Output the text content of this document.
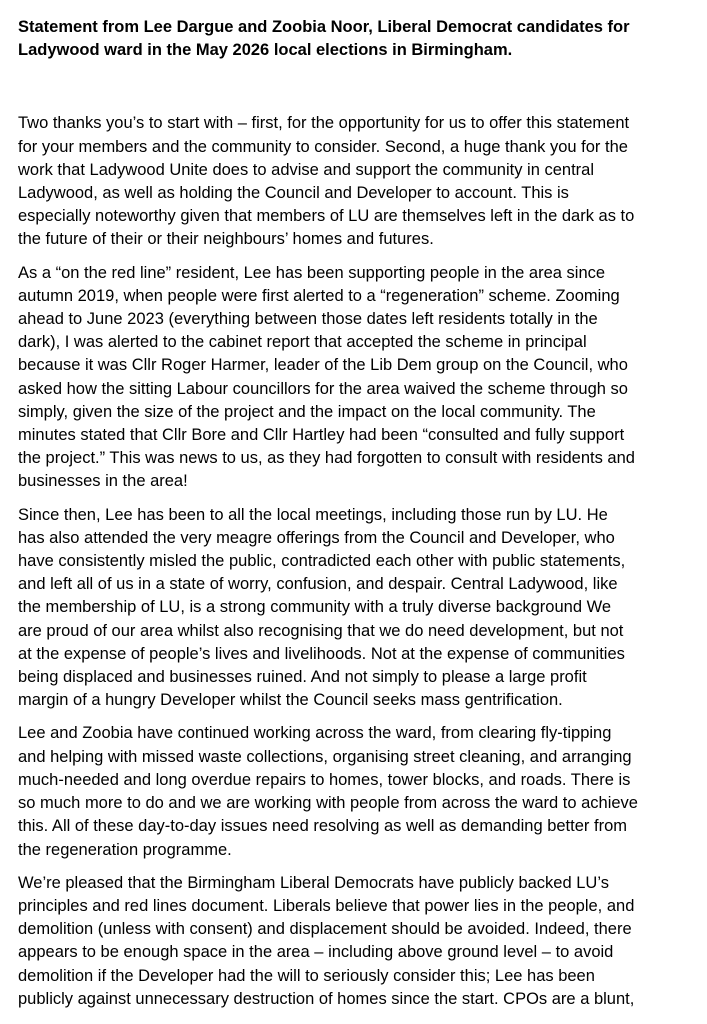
Statement from Lee Dargue and Zoobia Noor, Liberal Democrat candidates for
Ladywood ward in the May 2026 local elections in Birmingham.
Two thanks you’s to start with – first, for the opportunity for us to offer this statement
for your members and the community to consider. Second, a huge thank you for the
work that Ladywood Unite does to advise and support the community in central
Ladywood, as well as holding the Council and Developer to account. This is
especially noteworthy given that members of LU are themselves left in the dark as to
the future of their or their neighbours’ homes and futures.
As a “on the red line” resident, Lee has been supporting people in the area since
autumn 2019, when people were first alerted to a “regeneration” scheme. Zooming
ahead to June 2023 (everything between those dates left residents totally in the
dark), I was alerted to the cabinet report that accepted the scheme in principal
because it was Cllr Roger Harmer, leader of the Lib Dem group on the Council, who
asked how the sitting Labour councillors for the area waived the scheme through so
simply, given the size of the project and the impact on the local community. The
minutes stated that Cllr Bore and Cllr Hartley had been “consulted and fully support
the project.” This was news to us, as they had forgotten to consult with residents and
businesses in the area!
Since then, Lee has been to all the local meetings, including those run by LU. He
has also attended the very meagre offerings from the Council and Developer, who
have consistently misled the public, contradicted each other with public statements,
and left all of us in a state of worry, confusion, and despair. Central Ladywood, like
the membership of LU, is a strong community with a truly diverse background We
are proud of our area whilst also recognising that we do need development, but not
at the expense of people’s lives and livelihoods. Not at the expense of communities
being displaced and businesses ruined. And not simply to please a large profit
margin of a hungry Developer whilst the Council seeks mass gentrification.
Lee and Zoobia have continued working across the ward, from clearing fly-tipping
and helping with missed waste collections, organising street cleaning, and arranging
much-needed and long overdue repairs to homes, tower blocks, and roads. There is
so much more to do and we are working with people from across the ward to achieve
this. All of these day-to-day issues need resolving as well as demanding better from
the regeneration programme.
We’re pleased that the Birmingham Liberal Democrats have publicly backed LU’s
principles and red lines document. Liberals believe that power lies in the people, and
demolition (unless with consent) and displacement should be avoided. Indeed, there
appears to be enough space in the area – including above ground level – to avoid
demolition if the Developer had the will to seriously consider this; Lee has been
publicly against unnecessary destruction of homes since the start. CPOs are a blunt,
